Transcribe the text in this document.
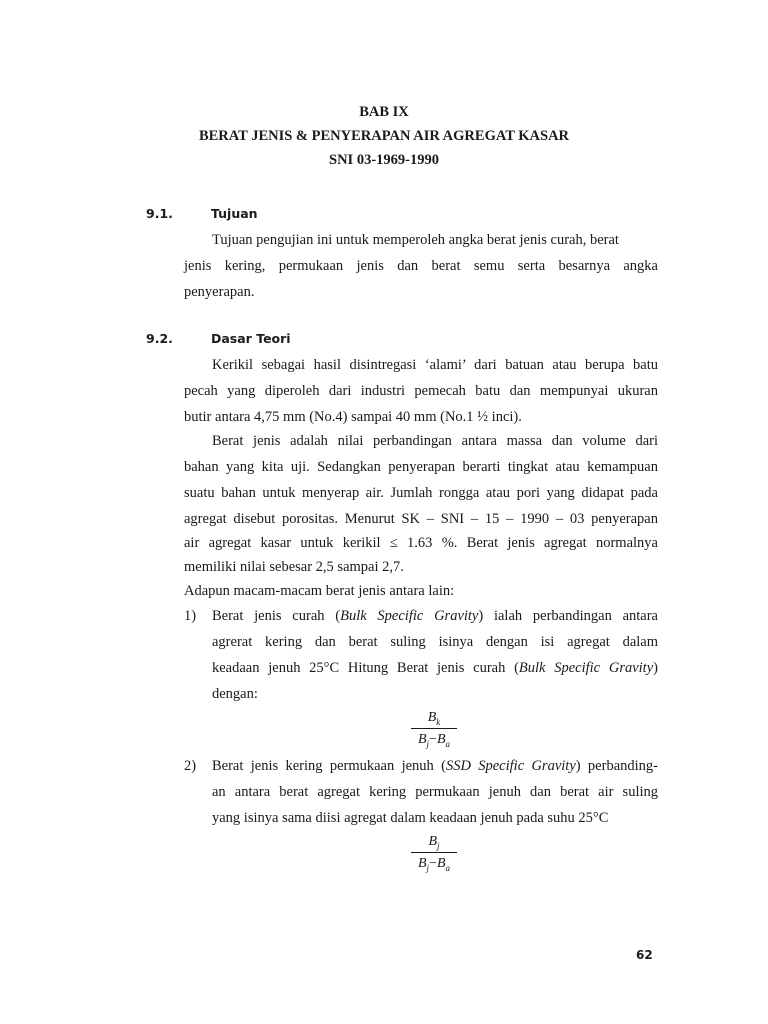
BAB IX
BERAT JENIS & PENYERAPAN AIR AGREGAT KASAR
SNI 03-1969-1990
9.1.	Tujuan
Tujuan pengujian ini untuk memperoleh angka berat jenis curah, berat
jenis kering, permukaan jenis dan berat semu serta besarnya angka
penyerapan.
9.2.	Dasar Teori
Kerikil sebagai hasil disintregasi ‘alami’ dari batuan atau berupa batu
pecah yang diperoleh dari industri pemecah batu dan mempunyai ukuran
butir antara 4,75 mm (No.4) sampai 40 mm (No.1 ½ inci).
Berat jenis adalah nilai perbandingan antara massa dan volume dari
bahan yang kita uji. Sedangkan penyerapan berarti tingkat atau kemampuan
suatu bahan untuk menyerap air. Jumlah rongga atau pori yang didapat pada
agregat disebut porositas. Menurut SK – SNI – 15 – 1990 – 03 penyerapan
air agregat kasar untuk kerikil ≤ 1.63 %. Berat jenis agregat normalnya
memiliki nilai sebesar 2,5 sampai 2,7.
Adapun macam-macam berat jenis antara lain:
1) Berat jenis curah (Bulk Specific Gravity) ialah perbandingan antara
agrerat kering dan berat suling isinya dengan isi agregat dalam
keadaan jenuh 25°C Hitung Berat jenis curah (Bulk Specific Gravity)
dengan:
$B_k$
$B_j-B_a$
2) Berat jenis kering permukaan jenuh (SSD Specific Gravity) perbanding-
an antara berat agregat kering permukaan jenuh dan berat air suling
yang isinya sama diisi agregat dalam keadaan jenuh pada suhu 25°C
$B_j$
$B_j-B_a$
62
